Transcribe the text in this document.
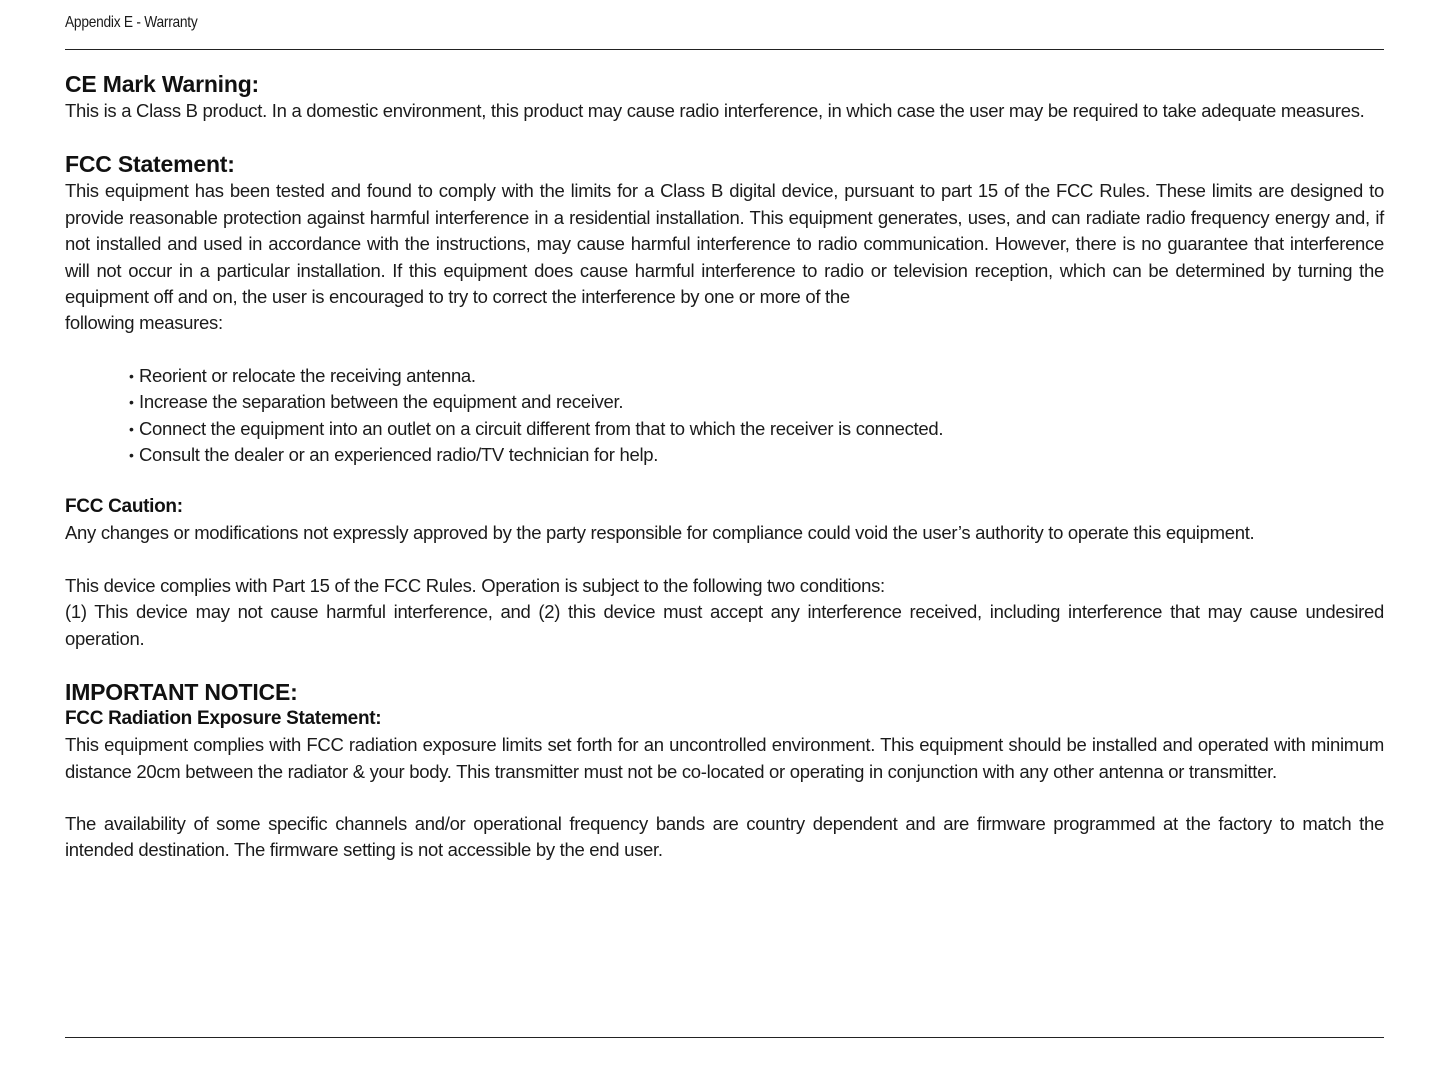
Appendix E - Warranty
CE Mark Warning:

This is a Class B product. In a domestic environment, this product may cause radio interference, in which case the user may be required to take adequate measures.

FCC Statement:

This equipment has been tested and found to comply with the limits for a Class B digital device, pursuant to part 15 of the FCC Rules. These limits are designed to provide reasonable protection against harmful interference in a residential installation. This equipment generates, uses, and can radiate radio frequency energy and, if not installed and used in accordance with the instructions, may cause harmful interference to radio communication. However, there is no guarantee that interference will not occur in a particular installation. If this equipment does cause harmful interference to radio or television reception, which can be determined by turning the equipment off and on, the user is encouraged to try to correct the interference by one or more of the

following measures:

• Reorient or relocate the receiving antenna.
• Increase the separation between the equipment and receiver.
• Connect the equipment into an outlet on a circuit different from that to which the receiver is connected.
• Consult the dealer or an experienced radio/TV technician for help.
FCC Caution:

Any changes or modifications not expressly approved by the party responsible for compliance could void the user’s authority to operate this equipment.

This device complies with Part 15 of the FCC Rules. Operation is subject to the following two conditions:

(1) This device may not cause harmful interference, and (2) this device must accept any interference received, including interference that may cause undesired operation.

IMPORTANT NOTICE:
FCC Radiation Exposure Statement:

This equipment complies with FCC radiation exposure limits set forth for an uncontrolled environment. This equipment should be installed and operated with minimum distance 20cm between the radiator & your body. This transmitter must not be co-located or operating in conjunction with any other antenna or transmitter.

The availability of some specific channels and/or operational frequency bands are country dependent and are firmware programmed at the factory to match the intended destination. The firmware setting is not accessible by the end user.
